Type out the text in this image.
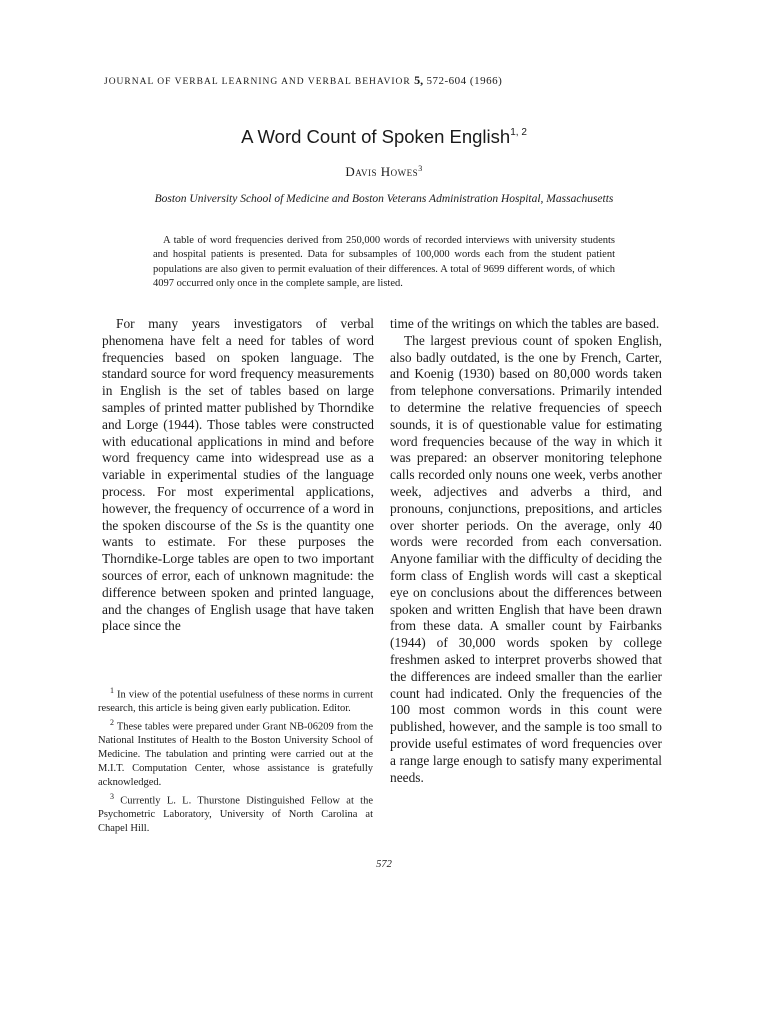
JOURNAL OF VERBAL LEARNING AND VERBAL BEHAVIOR 5, 572-604 (1966)
A Word Count of Spoken English$^{1, 2}$
Davis Howes$^3$
Boston University School of Medicine and Boston Veterans Administration Hospital, Massachusetts
A table of word frequencies derived from 250,000 words of recorded interviews with university students and hospital patients is presented. Data for subsamples of 100,000 words each from the student patient populations are also given to permit evaluation of their differences. A total of 9699 different words, of which 4097 occurred only once in the complete sample, are listed.

For many years investigators of verbal phenomena have felt a need for tables of word frequencies based on spoken language. The standard source for word frequency measurements in English is the set of tables based on large samples of printed matter published by Thorndike and Lorge (1944). Those tables were constructed with educational applications in mind and before word frequency came into widespread use as a variable in experimental studies of the language process. For most experimental applications, however, the frequency of occurrence of a word in the spoken discourse of the Ss is the quantity one wants to estimate. For these purposes the Thorndike-Lorge tables are open to two important sources of error, each of unknown magnitude: the difference between spoken and printed language, and the changes of English usage that have taken place since the

time of the writings on which the tables are based.

The largest previous count of spoken English, also badly outdated, is the one by French, Carter, and Koenig (1930) based on 80,000 words taken from telephone conversations. Primarily intended to determine the relative frequencies of speech sounds, it is of questionable value for estimating word frequencies because of the way in which it was prepared: an observer monitoring telephone calls recorded only nouns one week, verbs another week, adjectives and adverbs a third, and pronouns, conjunctions, prepositions, and articles over shorter periods. On the average, only 40 words were recorded from each conversation. Anyone familiar with the difficulty of deciding the form class of English words will cast a skeptical eye on conclusions about the differences between spoken and written English that have been drawn from these data. A smaller count by Fairbanks (1944) of 30,000 words spoken by college freshmen asked to interpret proverbs showed that the differences are indeed smaller than the earlier count had indicated. Only the frequencies of the 100 most common words in this count were published, however, and the sample is too small to provide useful estimates of word frequencies over a range large enough to satisfy many experimental needs.

$^1$ In view of the potential usefulness of these norms in current research, this article is being given early publication. Editor.

$^2$ These tables were prepared under Grant NB-06209 from the National Institutes of Health to the Boston University School of Medicine. The tabulation and printing were carried out at the M.I.T. Computation Center, whose assistance is gratefully acknowledged.

$^3$ Currently L. L. Thurstone Distinguished Fellow at the Psychometric Laboratory, University of North Carolina at Chapel Hill.

572
